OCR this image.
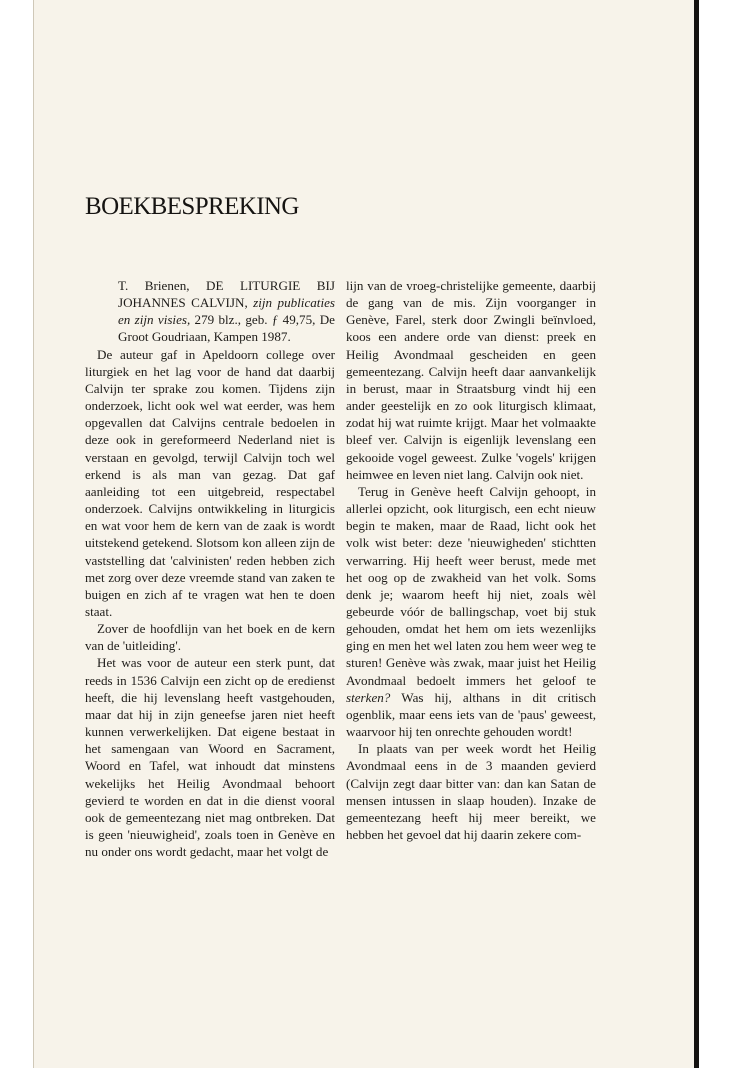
BOEKBESPREKING

T. Brienen, DE LITURGIE BIJ JOHANNES CALVIJN, zijn publicaties en zijn visies, 279 blz., geb. ƒ 49,75, De Groot Goudriaan, Kampen 1987.

De auteur gaf in Apeldoorn college over liturgiek en het lag voor de hand dat daarbij Calvijn ter sprake zou komen. Tijdens zijn onderzoek, licht ook wel wat eerder, was hem opgevallen dat Calvijns centrale bedoelen in deze ook in gereformeerd Nederland niet is verstaan en gevolgd, terwijl Calvijn toch wel erkend is als man van gezag. Dat gaf aanleiding tot een uitgebreid, respectabel onderzoek. Calvijns ontwikkeling in liturgicis en wat voor hem de kern van de zaak is wordt uitstekend getekend. Slotsom kon alleen zijn de vaststelling dat 'calvinisten' reden hebben zich met zorg over deze vreemde stand van zaken te buigen en zich af te vragen wat hen te doen staat.

Zover de hoofdlijn van het boek en de kern van de 'uitleiding'.

Het was voor de auteur een sterk punt, dat reeds in 1536 Calvijn een zicht op de eredienst heeft, die hij levenslang heeft vastgehouden, maar dat hij in zijn geneefse jaren niet heeft kunnen verwerkelijken. Dat eigene bestaat in het samengaan van Woord en Sacrament, Woord en Tafel, wat inhoudt dat minstens wekelijks het Heilig Avondmaal behoort gevierd te worden en dat in die dienst vooral ook de gemeentezang niet mag ontbreken. Dat is geen 'nieuwigheid', zoals toen in Genève en nu onder ons wordt gedacht, maar het volgt de

lijn van de vroeg-christelijke gemeente, daarbij de gang van de mis. Zijn voorganger in Genève, Farel, sterk door Zwingli beïnvloed, koos een andere orde van dienst: preek en Heilig Avondmaal gescheiden en geen gemeentezang. Calvijn heeft daar aanvankelijk in berust, maar in Straatsburg vindt hij een ander geestelijk en zo ook liturgisch klimaat, zodat hij wat ruimte krijgt. Maar het volmaakte bleef ver. Calvijn is eigenlijk levenslang een gekooide vogel geweest. Zulke 'vogels' krijgen heimwee en leven niet lang. Calvijn ook niet.

Terug in Genève heeft Calvijn gehoopt, in allerlei opzicht, ook liturgisch, een echt nieuw begin te maken, maar de Raad, licht ook het volk wist beter: deze 'nieuwigheden' stichtten verwarring. Hij heeft weer berust, mede met het oog op de zwakheid van het volk. Soms denk je; waarom heeft hij niet, zoals wèl gebeurde vóór de ballingschap, voet bij stuk gehouden, omdat het hem om iets wezenlijks ging en men het wel laten zou hem weer weg te sturen! Genève wàs zwak, maar juist het Heilig Avondmaal bedoelt immers het geloof te sterken? Was hij, althans in dit critisch ogenblik, maar eens iets van de 'paus' geweest, waarvoor hij ten onrechte gehouden wordt!

In plaats van per week wordt het Heilig Avondmaal eens in de 3 maanden gevierd (Calvijn zegt daar bitter van: dan kan Satan de mensen intussen in slaap houden). Inzake de gemeentezang heeft hij meer bereikt, we hebben het gevoel dat hij daarin zekere com-
